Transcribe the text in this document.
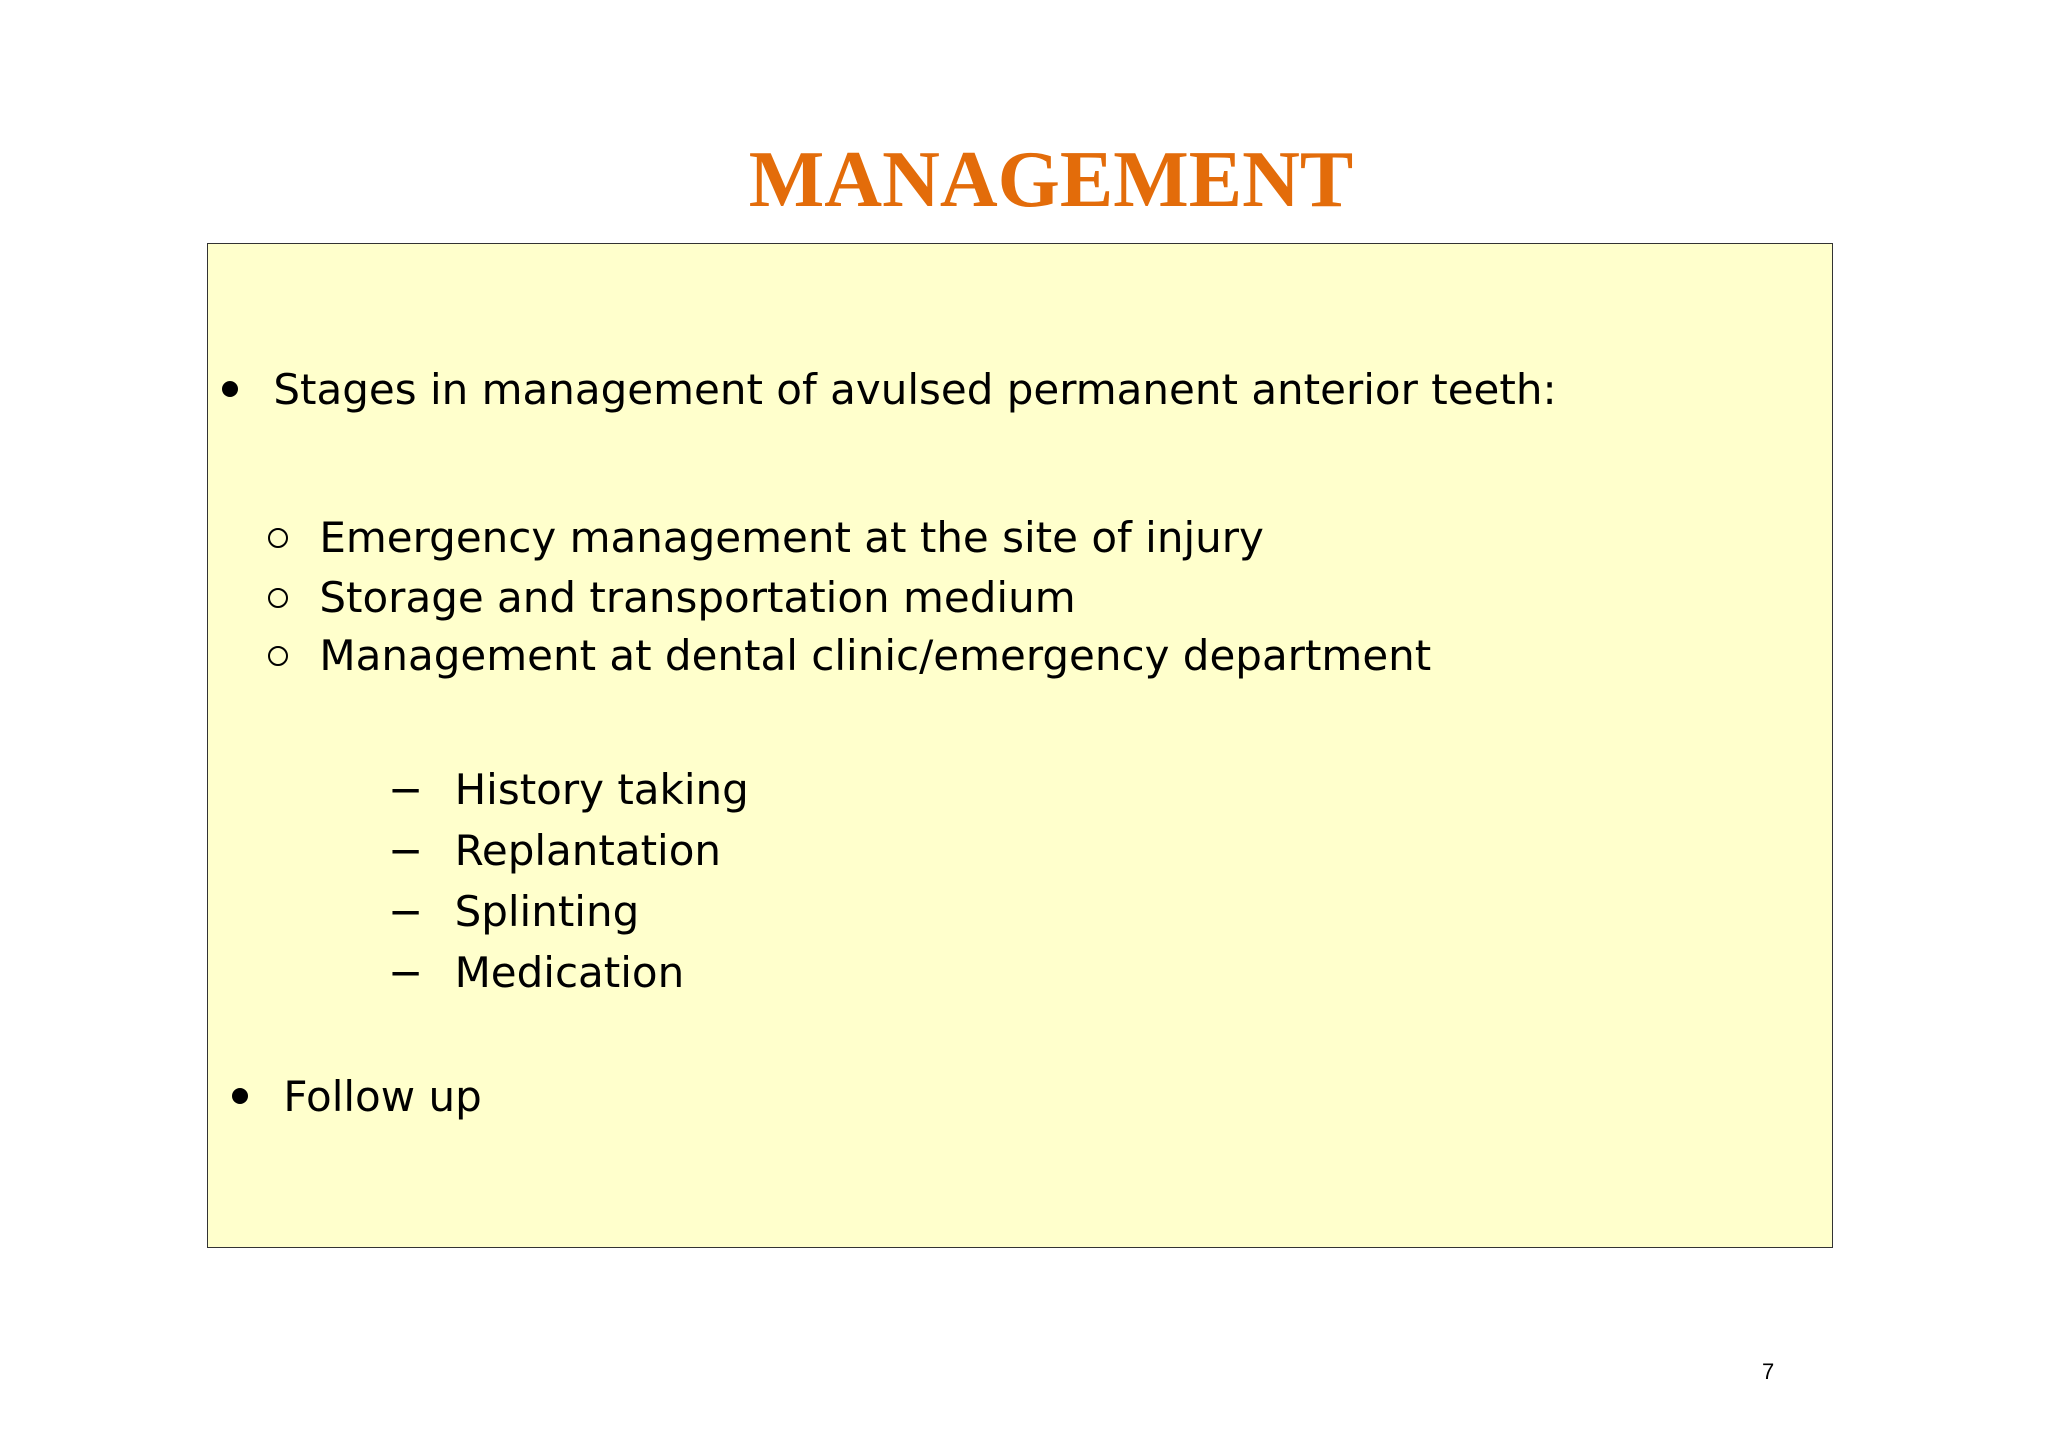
MANAGEMENT
Stages in management of avulsed permanent anterior teeth:
Emergency management at the site of injury
Storage and transportation medium
Management at dental clinic/emergency department
− History taking
− Replantation
− Splinting
− Medication
Follow up
7
